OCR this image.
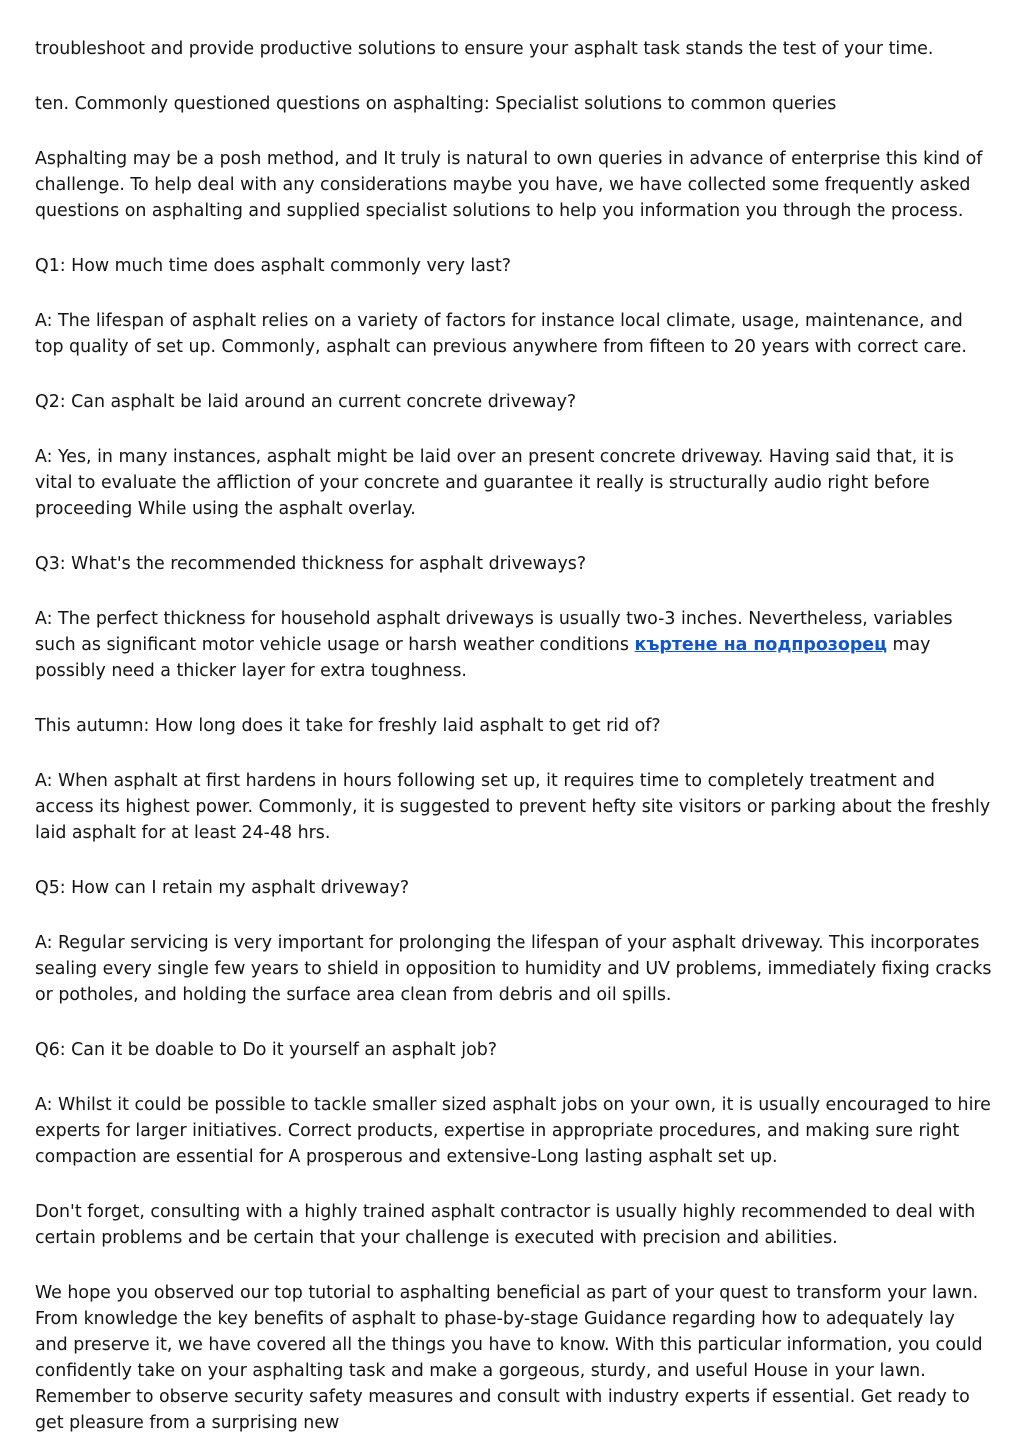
troubleshoot and provide productive solutions to ensure your asphalt task stands the test of your time.

ten. Commonly questioned questions on asphalting: Specialist solutions to common queries

Asphalting may be a posh method, and It truly is natural to own queries in advance of enterprise this kind of challenge. To help deal with any considerations maybe you have, we have collected some frequently asked questions on asphalting and supplied specialist solutions to help you information you through the process.

Q1: How much time does asphalt commonly very last?

A: The lifespan of asphalt relies on a variety of factors for instance local climate, usage, maintenance, and top quality of set up. Commonly, asphalt can previous anywhere from fifteen to 20 years with correct care.

Q2: Can asphalt be laid around an current concrete driveway?

A: Yes, in many instances, asphalt might be laid over an present concrete driveway. Having said that, it is vital to evaluate the affliction of your concrete and guarantee it really is structurally audio right before proceeding While using the asphalt overlay.

Q3: What's the recommended thickness for asphalt driveways?

A: The perfect thickness for household asphalt driveways is usually two-3 inches. Nevertheless, variables such as significant motor vehicle usage or harsh weather conditions къртене на подпрозорец may possibly need a thicker layer for extra toughness.

This autumn: How long does it take for freshly laid asphalt to get rid of?

A: When asphalt at first hardens in hours following set up, it requires time to completely treatment and access its highest power. Commonly, it is suggested to prevent hefty site visitors or parking about the freshly laid asphalt for at least 24-48 hrs.

Q5: How can I retain my asphalt driveway?

A: Regular servicing is very important for prolonging the lifespan of your asphalt driveway. This incorporates sealing every single few years to shield in opposition to humidity and UV problems, immediately fixing cracks or potholes, and holding the surface area clean from debris and oil spills.

Q6: Can it be doable to Do it yourself an asphalt job?

A: Whilst it could be possible to tackle smaller sized asphalt jobs on your own, it is usually encouraged to hire experts for larger initiatives. Correct products, expertise in appropriate procedures, and making sure right compaction are essential for A prosperous and extensive-Long lasting asphalt set up.

Don't forget, consulting with a highly trained asphalt contractor is usually highly recommended to deal with certain problems and be certain that your challenge is executed with precision and abilities.

We hope you observed our top tutorial to asphalting beneficial as part of your quest to transform your lawn. From knowledge the key benefits of asphalt to phase-by-stage Guidance regarding how to adequately lay and preserve it, we have covered all the things you have to know. With this particular information, you could confidently take on your asphalting task and make a gorgeous, sturdy, and useful House in your lawn. Remember to observe security safety measures and consult with industry experts if essential. Get ready to get pleasure from a surprising new
